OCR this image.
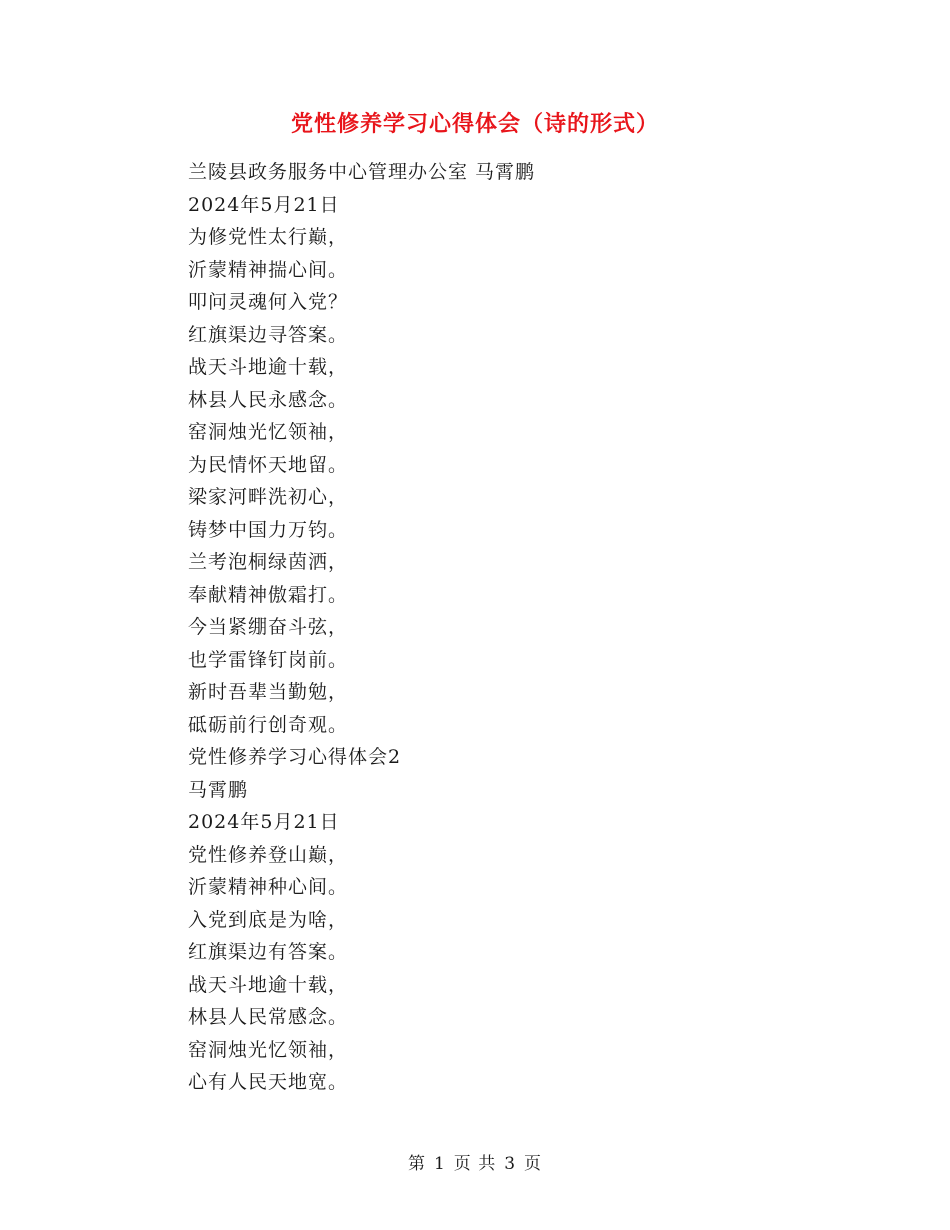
党性修养学习心得体会（诗的形式）
兰陵县政务服务中心管理办公室 马霄鹏
2024年5月21日
为修党性太行巅，
沂蒙精神揣心间。
叩问灵魂何入党？
红旗渠边寻答案。
战天斗地逾十载，
林县人民永感念。
窑洞烛光忆领袖，
为民情怀天地留。
梁家河畔洗初心，
铸梦中国力万钧。
兰考泡桐绿茵洒，
奉献精神傲霜打。
今当紧绷奋斗弦，
也学雷锋钉岗前。
新时吾辈当勤勉，
砥砺前行创奇观。
党性修养学习心得体会2
马霄鹏
2024年5月21日
党性修养登山巅，
沂蒙精神种心间。
入党到底是为啥，
红旗渠边有答案。
战天斗地逾十载，
林县人民常感念。
窑洞烛光忆领袖，
心有人民天地宽。
第 1 页 共 3 页
